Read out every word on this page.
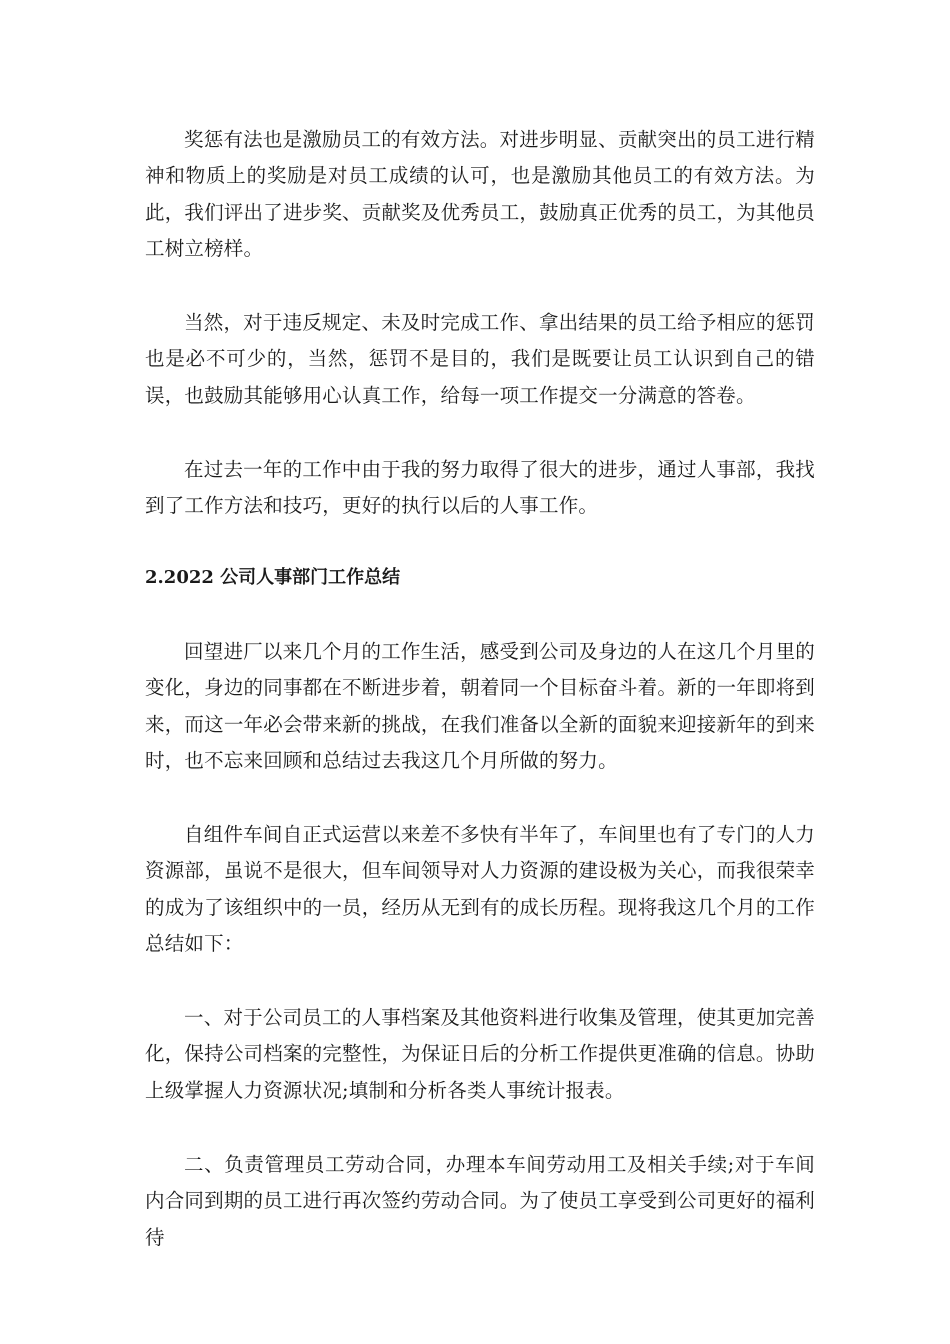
奖惩有法也是激励员工的有效方法。对进步明显、贡献突出的员工进行精神和物质上的奖励是对员工成绩的认可，也是激励其他员工的有效方法。为此，我们评出了进步奖、贡献奖及优秀员工，鼓励真正优秀的员工，为其他员工树立榜样。

当然，对于违反规定、未及时完成工作、拿出结果的员工给予相应的惩罚也是必不可少的，当然，惩罚不是目的，我们是既要让员工认识到自己的错误，也鼓励其能够用心认真工作，给每一项工作提交一分满意的答卷。

在过去一年的工作中由于我的努力取得了很大的进步，通过人事部，我找到了工作方法和技巧，更好的执行以后的人事工作。

2.2022 公司人事部门工作总结

回望进厂以来几个月的工作生活，感受到公司及身边的人在这几个月里的变化，身边的同事都在不断进步着，朝着同一个目标奋斗着。新的一年即将到来，而这一年必会带来新的挑战，在我们准备以全新的面貌来迎接新年的到来时，也不忘来回顾和总结过去我这几个月所做的努力。

自组件车间自正式运营以来差不多快有半年了，车间里也有了专门的人力资源部，虽说不是很大，但车间领导对人力资源的建设极为关心，而我很荣幸的成为了该组织中的一员，经历从无到有的成长历程。现将我这几个月的工作总结如下：

一、对于公司员工的人事档案及其他资料进行收集及管理，使其更加完善化，保持公司档案的完整性，为保证日后的分析工作提供更准确的信息。协助上级掌握人力资源状况;填制和分析各类人事统计报表。

二、负责管理员工劳动合同，办理本车间劳动用工及相关手续;对于车间内合同到期的员工进行再次签约劳动合同。为了使员工享受到公司更好的福利待
